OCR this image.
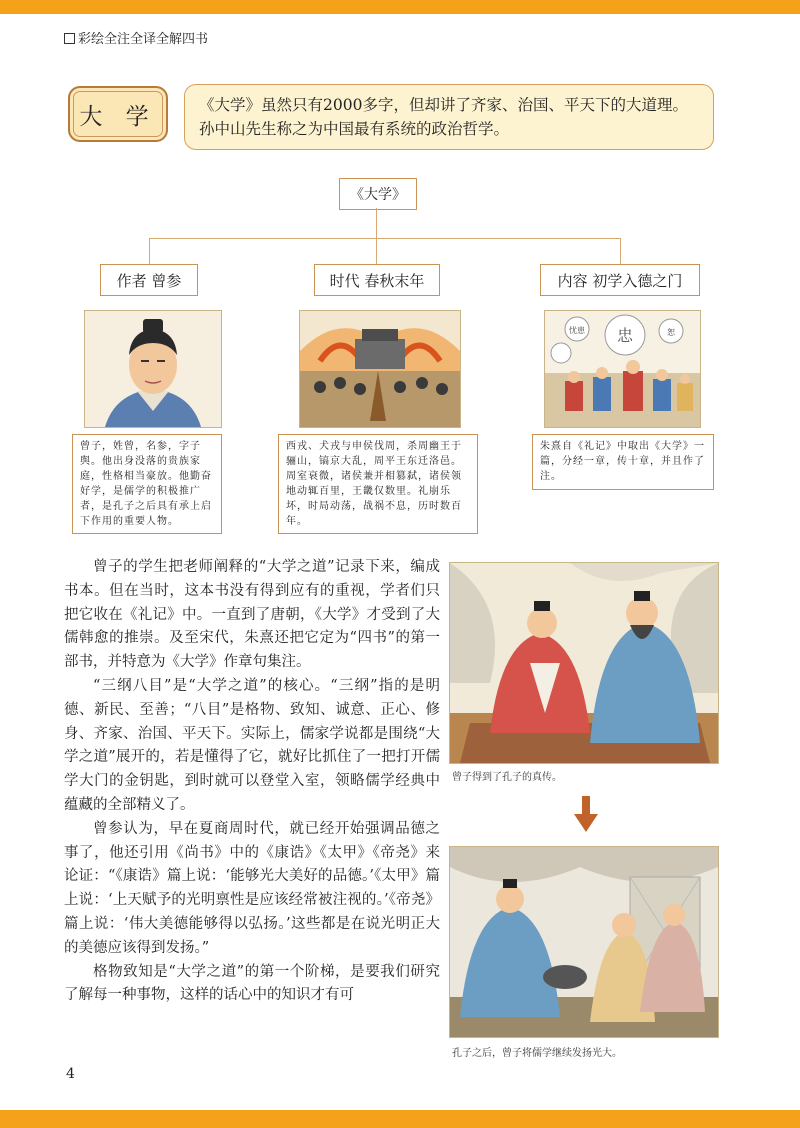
彩绘全注全译全解四书
大 学	《大学》虽然只有2000多字，但却讲了齐家、治国、平天下的大道理。孙中山先生称之为中国最有系统的政治哲学。
《大学》
作者 曾参	时代 春秋末年	内容 初学入德之门
忧患 忠	恕
曾子，姓曾，名参，字子舆。他出身没落的贵族家庭，性格相当豪放。他勤奋好学，是儒学的积极推广者，是孔子之后具有承上启下作用的重要人物。
西戎、犬戎与申侯伐周，杀周幽王于骊山，镐京大乱，周平王东迁洛邑。周室衰微，诸侯兼并相篡弑，诸侯领地动辄百里，王畿仅数里。礼崩乐坏，时局动荡，战祸不息，历时数百年。
朱熹自《礼记》中取出《大学》一篇，分经一章，传十章，并且作了注。

曾子的学生把老师阐释的“大学之道”记录下来，编成书本。但在当时，这本书没有得到应有的重视，学者们只把它收在《礼记》中。一直到了唐朝，《大学》才受到了大儒韩愈的推崇。及至宋代，朱熹还把它定为“四书”的第一部书，并特意为《大学》作章句集注。

“三纲八目”是“大学之道”的核心。“三纲”指的是明德、新民、至善；“八目”是格物、致知、诚意、正心、修身、齐家、治国、平天下。实际上，儒家学说都是围绕“大学之道”展开的，若是懂得了它，就好比抓住了一把打开儒学大门的金钥匙，到时就可以登堂入室，领略儒学经典中蕴藏的全部精义了。

曾参认为，早在夏商周时代，就已经开始强调品德之事了，他还引用《尚书》中的《康诰》《太甲》《帝尧》来论证：“《康诰》篇上说：‘能够光大美好的品德。’《太甲》篇上说：‘上天赋予的光明禀性是应该经常被注视的。’《帝尧》篇上说：‘伟大美德能够得以弘扬。’这些都是在说光明正大的美德应该得到发扬。”

格物致知是“大学之道”的第一个阶梯，是要我们研究了解每一种事物，这样的话心中的知识才有可

曾子得到了孔子的真传。
孔子之后，曾子将儒学继续发扬光大。
4
